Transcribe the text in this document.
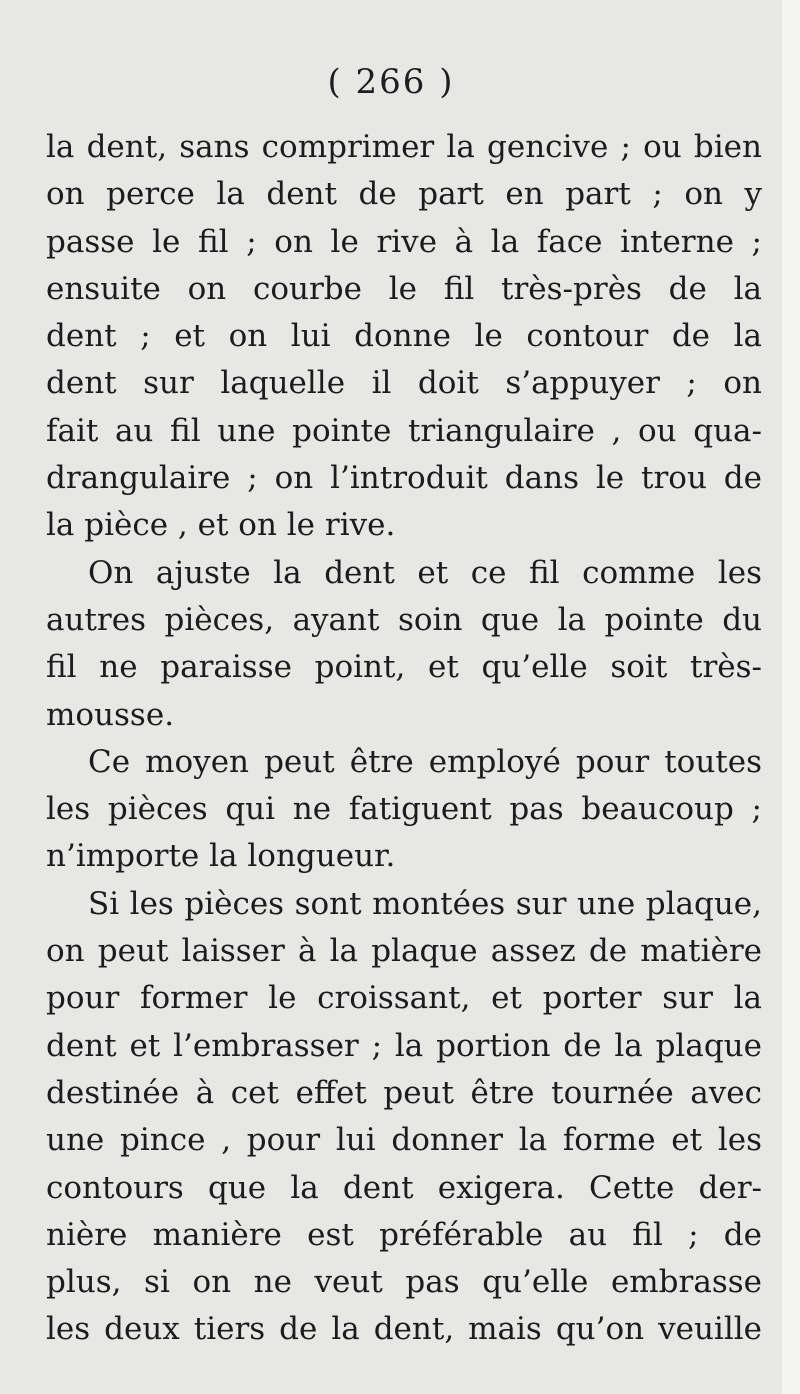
( 266 )
la dent, sans comprimer la gencive ; ou bien
on perce la dent de part en part ; on y
passe le fil ; on le rive à la face interne ;
ensuite on courbe le fil très-près de la
dent ; et on lui donne le contour de la
dent sur laquelle il doit s’appuyer ; on
fait au fil une pointe triangulaire , ou qua-
drangulaire ; on l’introduit dans le trou de
la pièce , et on le rive.
On ajuste la dent et ce fil comme les
autres pièces, ayant soin que la pointe du
fil ne paraisse point, et qu’elle soit très-
mousse.
Ce moyen peut être employé pour toutes
les pièces qui ne fatiguent pas beaucoup ;
n’importe la longueur.
Si les pièces sont montées sur une plaque,
on peut laisser à la plaque assez de matière
pour former le croissant, et porter sur la
dent et l’embrasser ; la portion de la plaque
destinée à cet effet peut être tournée avec
une pince , pour lui donner la forme et les
contours que la dent exigera. Cette der-
nière manière est préférable au fil ; de
plus, si on ne veut pas qu’elle embrasse
les deux tiers de la dent, mais qu’on veuille
